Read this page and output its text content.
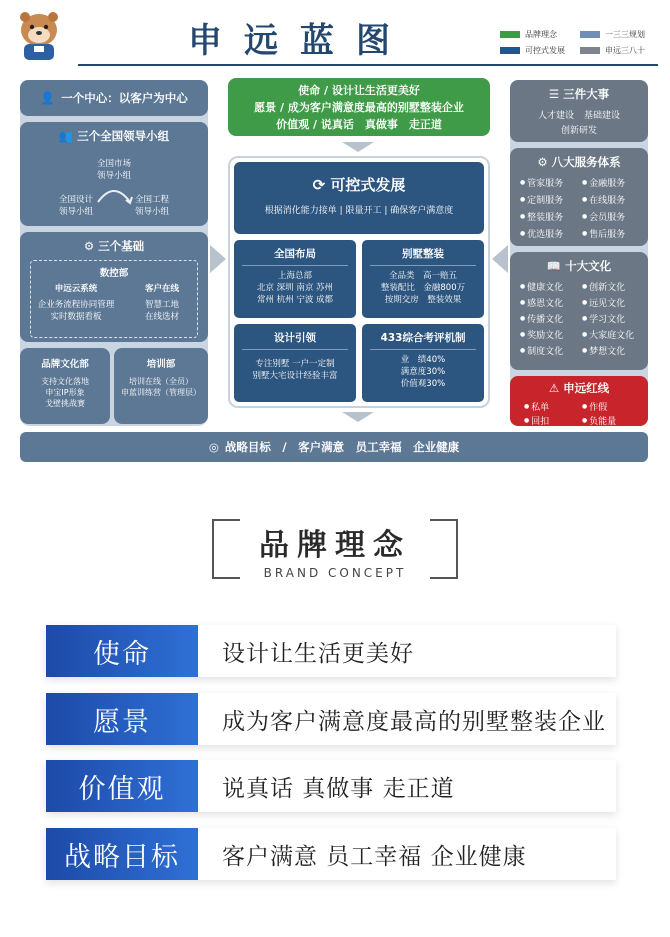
申远蓝图	品牌理念	一三三规划
可控式发展	申远三八十
👤 一个中心：以客户为中心
👥 三个全国领导小组
全国市场
领导小组
全国设计
领导小组
全国工程
领导小组
⚙ 三个基础
数控部
申远云系统
企业务流程协同管理
实时数据看板
客户在线
智慧工地
在线选材
品牌文化部
支持文化落地
申宝IP形象
戈壁挑战赛
培训部
培训在线（全员）
申蓝训练营（管理层）
使命 / 设计让生活更美好
愿景 / 成为客户满意度最高的别墅整装企业
价值观 / 说真话　真做事　走正道
⟳ 可控式发展
根据消化能力接单 | 限量开工 | 确保客户满意度
全国布局
上海总部
北京 深圳 南京 苏州
常州 杭州 宁波 成都
别墅整装
全品类　高一赔五
整装配比　金融800万
按期交房　整装效果
设计引领
专注别墅 一户一定制
别墅大宅设计经验丰富
433综合考评机制
业　绩40%
满意度30%
价值观30%
☰ 三件大事
人才建设 基础建设
创新研发
⚙ 八大服务体系
● 管家服务	● 金融服务
● 定制服务	● 在线服务
● 整装服务	● 会员服务
● 优选服务	● 售后服务
📖 十大文化
● 健康文化	● 创新文化
● 感恩文化	● 远见文化
● 传播文化	● 学习文化
● 奖励文化	● 大家庭文化
● 制度文化	● 梦想文化
⚠ 申远红线
● 私单	● 作假
● 回扣	● 负能量
◎ 战略目标　/　客户满意　员工幸福　企业健康
品牌理念
BRAND CONCEPT
使命	设计让生活更美好
愿景	成为客户满意度最高的别墅整装企业
价值观	说真话 真做事 走正道
战略目标	客户满意 员工幸福 企业健康
